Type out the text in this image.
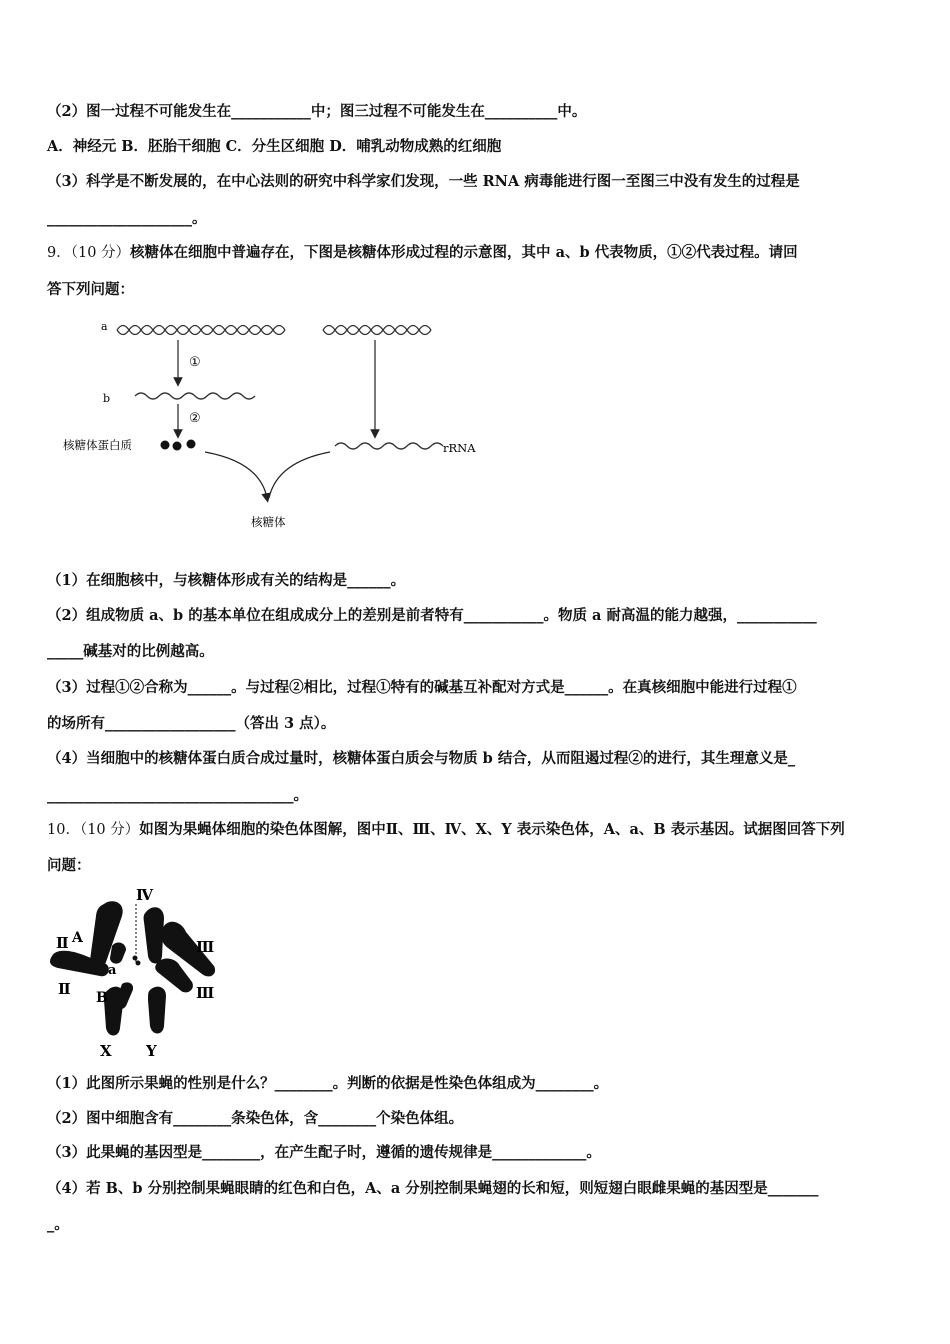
（2）图一过程不可能发生在___________中；图三过程不可能发生在__________中。
A．神经元 B．胚胎干细胞 C．分生区细胞 D．哺乳动物成熟的红细胞
（3）科学是不断发展的，在中心法则的研究中科学家们发现，一些 RNA 病毒能进行图一至图三中没有发生的过程是
____________________。
9．（10 分）核糖体在细胞中普遍存在，下图是核糖体形成过程的示意图，其中 a、b 代表物质，①②代表过程。请回
答下列问题：
a
①
b
②
核糖体蛋白质	rRNA
核糖体
（1）在细胞核中，与核糖体形成有关的结构是______。
（2）组成物质 a、b 的基本单位在组成成分上的差别是前者特有___________。物质 a 耐高温的能力越强，___________
_____碱基对的比例越高。
（3）过程①②合称为______。与过程②相比，过程①特有的碱基互补配对方式是______。在真核细胞中能进行过程①
的场所有__________________（答出 3 点）。
（4）当细胞中的核糖体蛋白质合成过量时，核糖体蛋白质会与物质 b 结合，从而阻遏过程②的进行，其生理意义是_
__________________________________。
10．（10 分）如图为果蝇体细胞的染色体图解，图中Ⅱ、Ⅲ、Ⅳ、X、Y 表示染色体，A、a、B 表示基因。试据图回答下列
问题：
Ⅳ
Ⅱ A
a
Ⅱ B
Ⅲ
Ⅲ
X Y
（1）此图所示果蝇的性别是什么？________。判断的依据是性染色体组成为________。
（2）图中细胞含有________条染色体，含________个染色体组。
（3）此果蝇的基因型是________，在产生配子时，遵循的遗传规律是_____________。
（4）若 B、b 分别控制果蝇眼睛的红色和白色，A、a 分别控制果蝇翅的长和短，则短翅白眼雌果蝇的基因型是_______
_。
